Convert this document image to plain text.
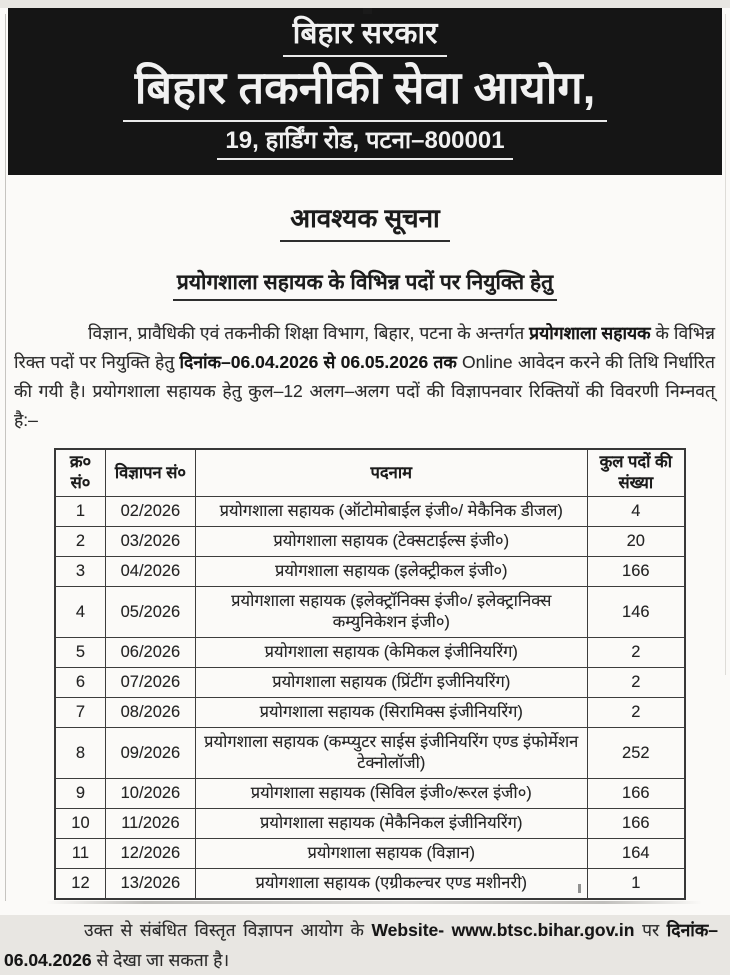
बिहार सरकार
बिहार तकनीकी सेवा आयोग,
19, हार्डिंग रोड, पटना–800001
आवश्यक सूचना
प्रयोगशाला सहायक के विभिन्न पदों पर नियुक्ति हेतु

विज्ञान, प्रावैधिकी एवं तकनीकी शिक्षा विभाग, बिहार, पटना के अन्तर्गत प्रयोगशाला सहायक के विभिन्न रिक्त पदों पर नियुक्ति हेतु दिनांक–06.04.2026 से 06.05.2026 तक Online आवेदन करने की तिथि निर्धारित की गयी है। प्रयोगशाला सहायक हेतु कुल–12 अलग–अलग पदों की विज्ञापनवार रिक्तियों की विवरणी निम्नवत् है:–

क्र० सं०	विज्ञापन सं०	पदनाम	कुल पदों की संख्या
1	02/2026	प्रयोगशाला सहायक (ऑटोमोबाईल इंजी०/ मेकैनिक डीजल)	4
2	03/2026	प्रयोगशाला सहायक (टेक्सटाईल्स इंजी०)	20
3	04/2026	प्रयोगशाला सहायक (इलेक्ट्रीकल इंजी०)	166
4	05/2026	प्रयोगशाला सहायक (इलेक्ट्रॉनिक्स इंजी०/ इलेक्ट्रानिक्स कम्युनिकेशन इंजी०)	146
5	06/2026	प्रयोगशाला सहायक (केमिकल इंजीनियरिंग)	2
6	07/2026	प्रयोगशाला सहायक (प्रिंटींग इजीनियरिंग)	2
7	08/2026	प्रयोगशाला सहायक (सिरामिक्स इंजीनियरिंग)	2
8	09/2026	प्रयोगशाला सहायक (कम्प्युटर साईस इंजीनियरिंग एण्ड इंफोर्मेशन टेक्नोलॉजी)	252
9	10/2026	प्रयोगशाला सहायक (सिविल इंजी०/रूरल इंजी०)	166
10	11/2026	प्रयोगशाला सहायक (मेकैनिकल इंजीनियरिंग)	166
11	12/2026	प्रयोगशाला सहायक (विज्ञान)	164
12	13/2026	प्रयोगशाला सहायक (एग्रीकल्चर एण्ड मशीनरी)	1

उक्त से संबंधित विस्तृत विज्ञापन आयोग के Website- www.btsc.bihar.gov.in पर दिनांक–06.04.2026 से देखा जा सकता है।
